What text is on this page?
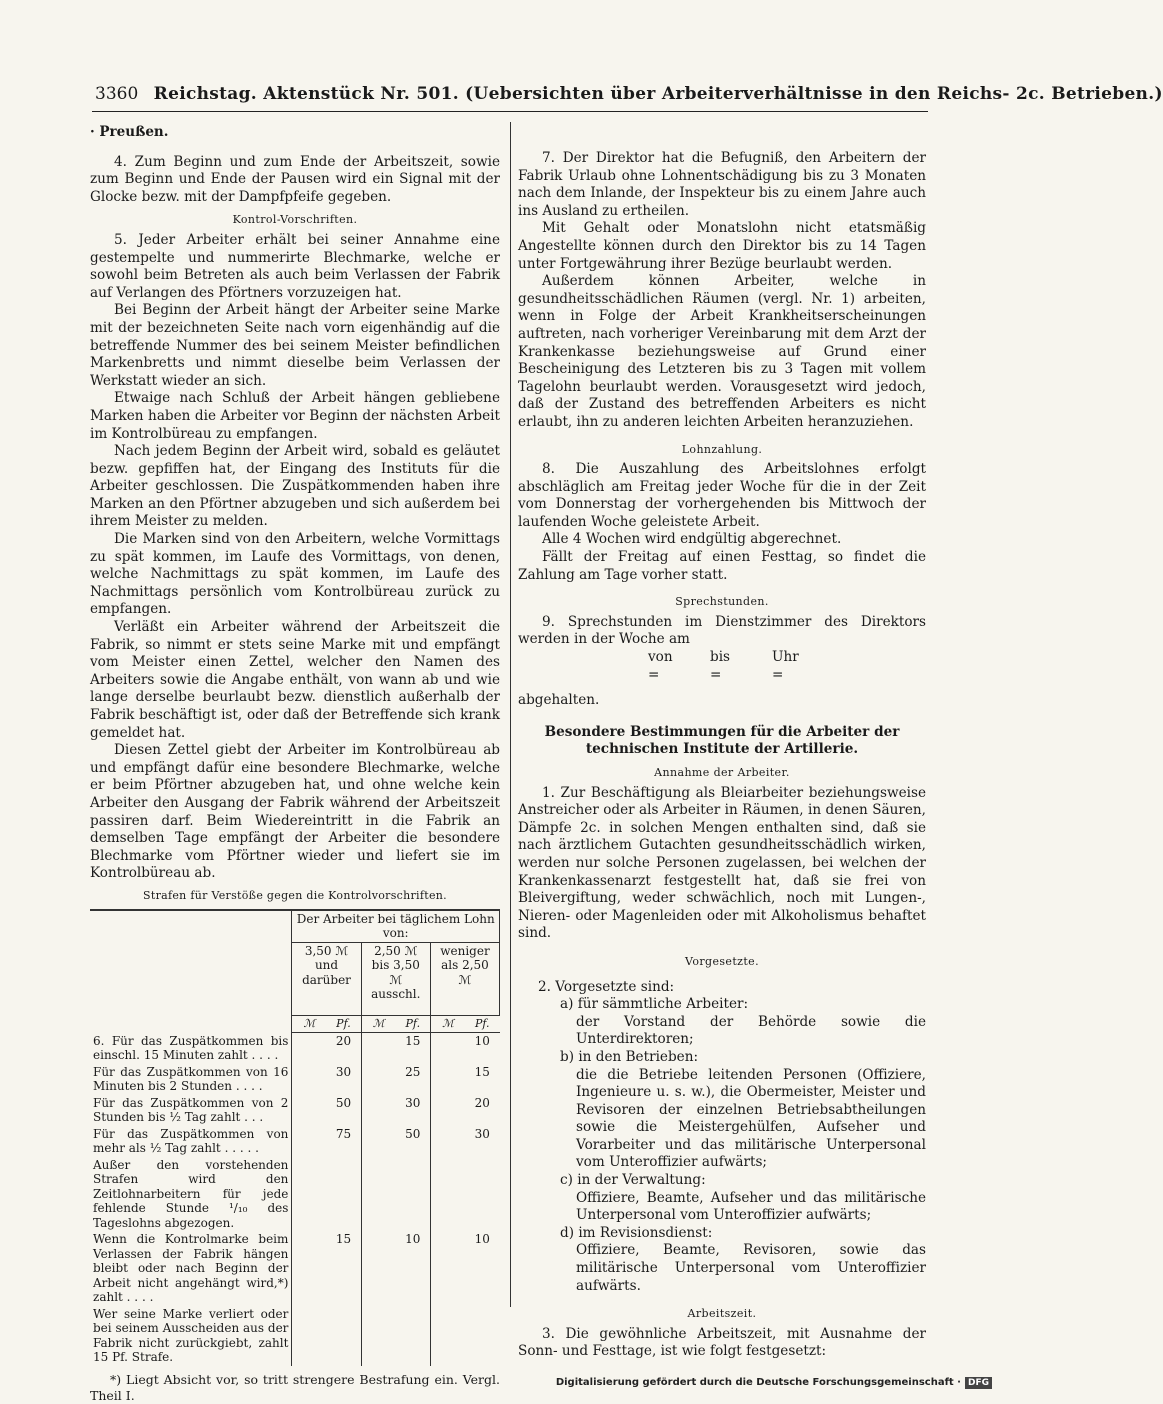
3360 Reichstag. Aktenstück Nr. 501. (Uebersichten über Arbeiterverhältnisse in den Reichs- 2c. Betrieben.)

· Preußen.

4. Zum Beginn und zum Ende der Arbeitszeit, sowie zum Beginn und Ende der Pausen wird ein Signal mit der Glocke bezw. mit der Dampfpfeife gegeben.

Kontrol-Vorschriften.

5. Jeder Arbeiter erhält bei seiner Annahme eine gestempelte und nummerirte Blechmarke, welche er sowohl beim Betreten als auch beim Verlassen der Fabrik auf Verlangen des Pförtners vorzuzeigen hat.

Bei Beginn der Arbeit hängt der Arbeiter seine Marke mit der bezeichneten Seite nach vorn eigenhändig auf die betreffende Nummer des bei seinem Meister befindlichen Markenbretts und nimmt dieselbe beim Verlassen der Werkstatt wieder an sich.

Etwaige nach Schluß der Arbeit hängen gebliebene Marken haben die Arbeiter vor Beginn der nächsten Arbeit im Kontrolbüreau zu empfangen.

Nach jedem Beginn der Arbeit wird, sobald es geläutet bezw. gepfiffen hat, der Eingang des Instituts für die Arbeiter geschlossen. Die Zuspätkommenden haben ihre Marken an den Pförtner abzugeben und sich außerdem bei ihrem Meister zu melden.

Die Marken sind von den Arbeitern, welche Vormittags zu spät kommen, im Laufe des Vormittags, von denen, welche Nachmittags zu spät kommen, im Laufe des Nachmittags persönlich vom Kontrolbüreau zurück zu empfangen.

Verläßt ein Arbeiter während der Arbeitszeit die Fabrik, so nimmt er stets seine Marke mit und empfängt vom Meister einen Zettel, welcher den Namen des Arbeiters sowie die Angabe enthält, von wann ab und wie lange derselbe beurlaubt bezw. dienstlich außerhalb der Fabrik beschäftigt ist, oder daß der Betreffende sich krank gemeldet hat.

Diesen Zettel giebt der Arbeiter im Kontrolbüreau ab und empfängt dafür eine besondere Blechmarke, welche er beim Pförtner abzugeben hat, und ohne welche kein Arbeiter den Ausgang der Fabrik während der Arbeitszeit passiren darf. Beim Wiedereintritt in die Fabrik an demselben Tage empfängt der Arbeiter die besondere Blechmarke vom Pförtner wieder und liefert sie im Kontrolbüreau ab.

Strafen für Verstöße gegen die Kontrolvorschriften.

	Der Arbeiter bei täglichem Lohn von:					
	3,50 ℳ und darüber		2,50 ℳ bis 3,50 ℳ ausschl.		weniger als 2,50 ℳ	
	ℳ	Pf.	ℳ	Pf.	ℳ	Pf.
6. Für das Zuspätkommen bis einschl. 15 Minuten zahlt . . . .		20		15		10
Für das Zuspätkommen von 16 Minuten bis 2 Stunden . . . .		30		25		15
Für das Zuspätkommen von 2 Stunden bis ½ Tag zahlt . . .		50		30		20
Für das Zuspätkommen von mehr als ½ Tag zahlt . . . . .		75		50		30
Außer den vorstehenden Strafen wird den Zeitlohnarbeitern für jede fehlende Stunde ¹/₁₀ des Tageslohns abgezogen.						
Wenn die Kontrolmarke beim Verlassen der Fabrik hängen bleibt oder nach Beginn der Arbeit nicht angehängt wird,*) zahlt . . . .		15		10		10
Wer seine Marke verliert oder bei seinem Ausscheiden aus der Fabrik nicht zurückgiebt, zahlt 15 Pf. Strafe.						

*) Liegt Absicht vor, so tritt strengere Bestrafung ein. Vergl. Theil I.

7. Der Direktor hat die Befugniß, den Arbeitern der Fabrik Urlaub ohne Lohnentschädigung bis zu 3 Monaten nach dem Inlande, der Inspekteur bis zu einem Jahre auch ins Ausland zu ertheilen.

Mit Gehalt oder Monatslohn nicht etatsmäßig Angestellte können durch den Direktor bis zu 14 Tagen unter Fortgewährung ihrer Bezüge beurlaubt werden.

Außerdem können Arbeiter, welche in gesundheitsschädlichen Räumen (vergl. Nr. 1) arbeiten, wenn in Folge der Arbeit Krankheitserscheinungen auftreten, nach vorheriger Vereinbarung mit dem Arzt der Krankenkasse beziehungsweise auf Grund einer Bescheinigung des Letzteren bis zu 3 Tagen mit vollem Tagelohn beurlaubt werden. Vorausgesetzt wird jedoch, daß der Zustand des betreffenden Arbeiters es nicht erlaubt, ihn zu anderen leichten Arbeiten heranzuziehen.

Lohnzahlung.

8. Die Auszahlung des Arbeitslohnes erfolgt abschläglich am Freitag jeder Woche für die in der Zeit vom Donnerstag der vorhergehenden bis Mittwoch der laufenden Woche geleistete Arbeit.

Alle 4 Wochen wird endgültig abgerechnet.

Fällt der Freitag auf einen Festtag, so findet die Zahlung am Tage vorher statt.

Sprechstunden.

9. Sprechstunden im Dienstzimmer des Direktors werden in der Woche am

von	bis	Uhr

=	=	=

abgehalten.

Besondere Bestimmungen für die Arbeiter der technischen Institute der Artillerie.

Annahme der Arbeiter.

1. Zur Beschäftigung als Bleiarbeiter beziehungsweise Anstreicher oder als Arbeiter in Räumen, in denen Säuren, Dämpfe 2c. in solchen Mengen enthalten sind, daß sie nach ärztlichem Gutachten gesundheitsschädlich wirken, werden nur solche Personen zugelassen, bei welchen der Krankenkassenarzt festgestellt hat, daß sie frei von Bleivergiftung, weder schwächlich, noch mit Lungen-, Nieren- oder Magenleiden oder mit Alkoholismus behaftet sind.

Vorgesetzte.

2. Vorgesetzte sind:

a) für sämmtliche Arbeiter:

der Vorstand der Behörde sowie die Unterdirektoren;

b) in den Betrieben:

die die Betriebe leitenden Personen (Offiziere, Ingenieure u. s. w.), die Obermeister, Meister und Revisoren der einzelnen Betriebsabtheilungen sowie die Meistergehülfen, Aufseher und Vorarbeiter und das militärische Unterpersonal vom Unteroffizier aufwärts;

c) in der Verwaltung:

Offiziere, Beamte, Aufseher und das militärische Unterpersonal vom Unteroffizier aufwärts;

d) im Revisionsdienst:

Offiziere, Beamte, Revisoren, sowie das militärische Unterpersonal vom Unteroffizier aufwärts.

Arbeitszeit.

3. Die gewöhnliche Arbeitszeit, mit Ausnahme der Sonn- und Festtage, ist wie folgt festgesetzt:

Digitalisierung gefördert durch die Deutsche Forschungsgemeinschaft · DFG
